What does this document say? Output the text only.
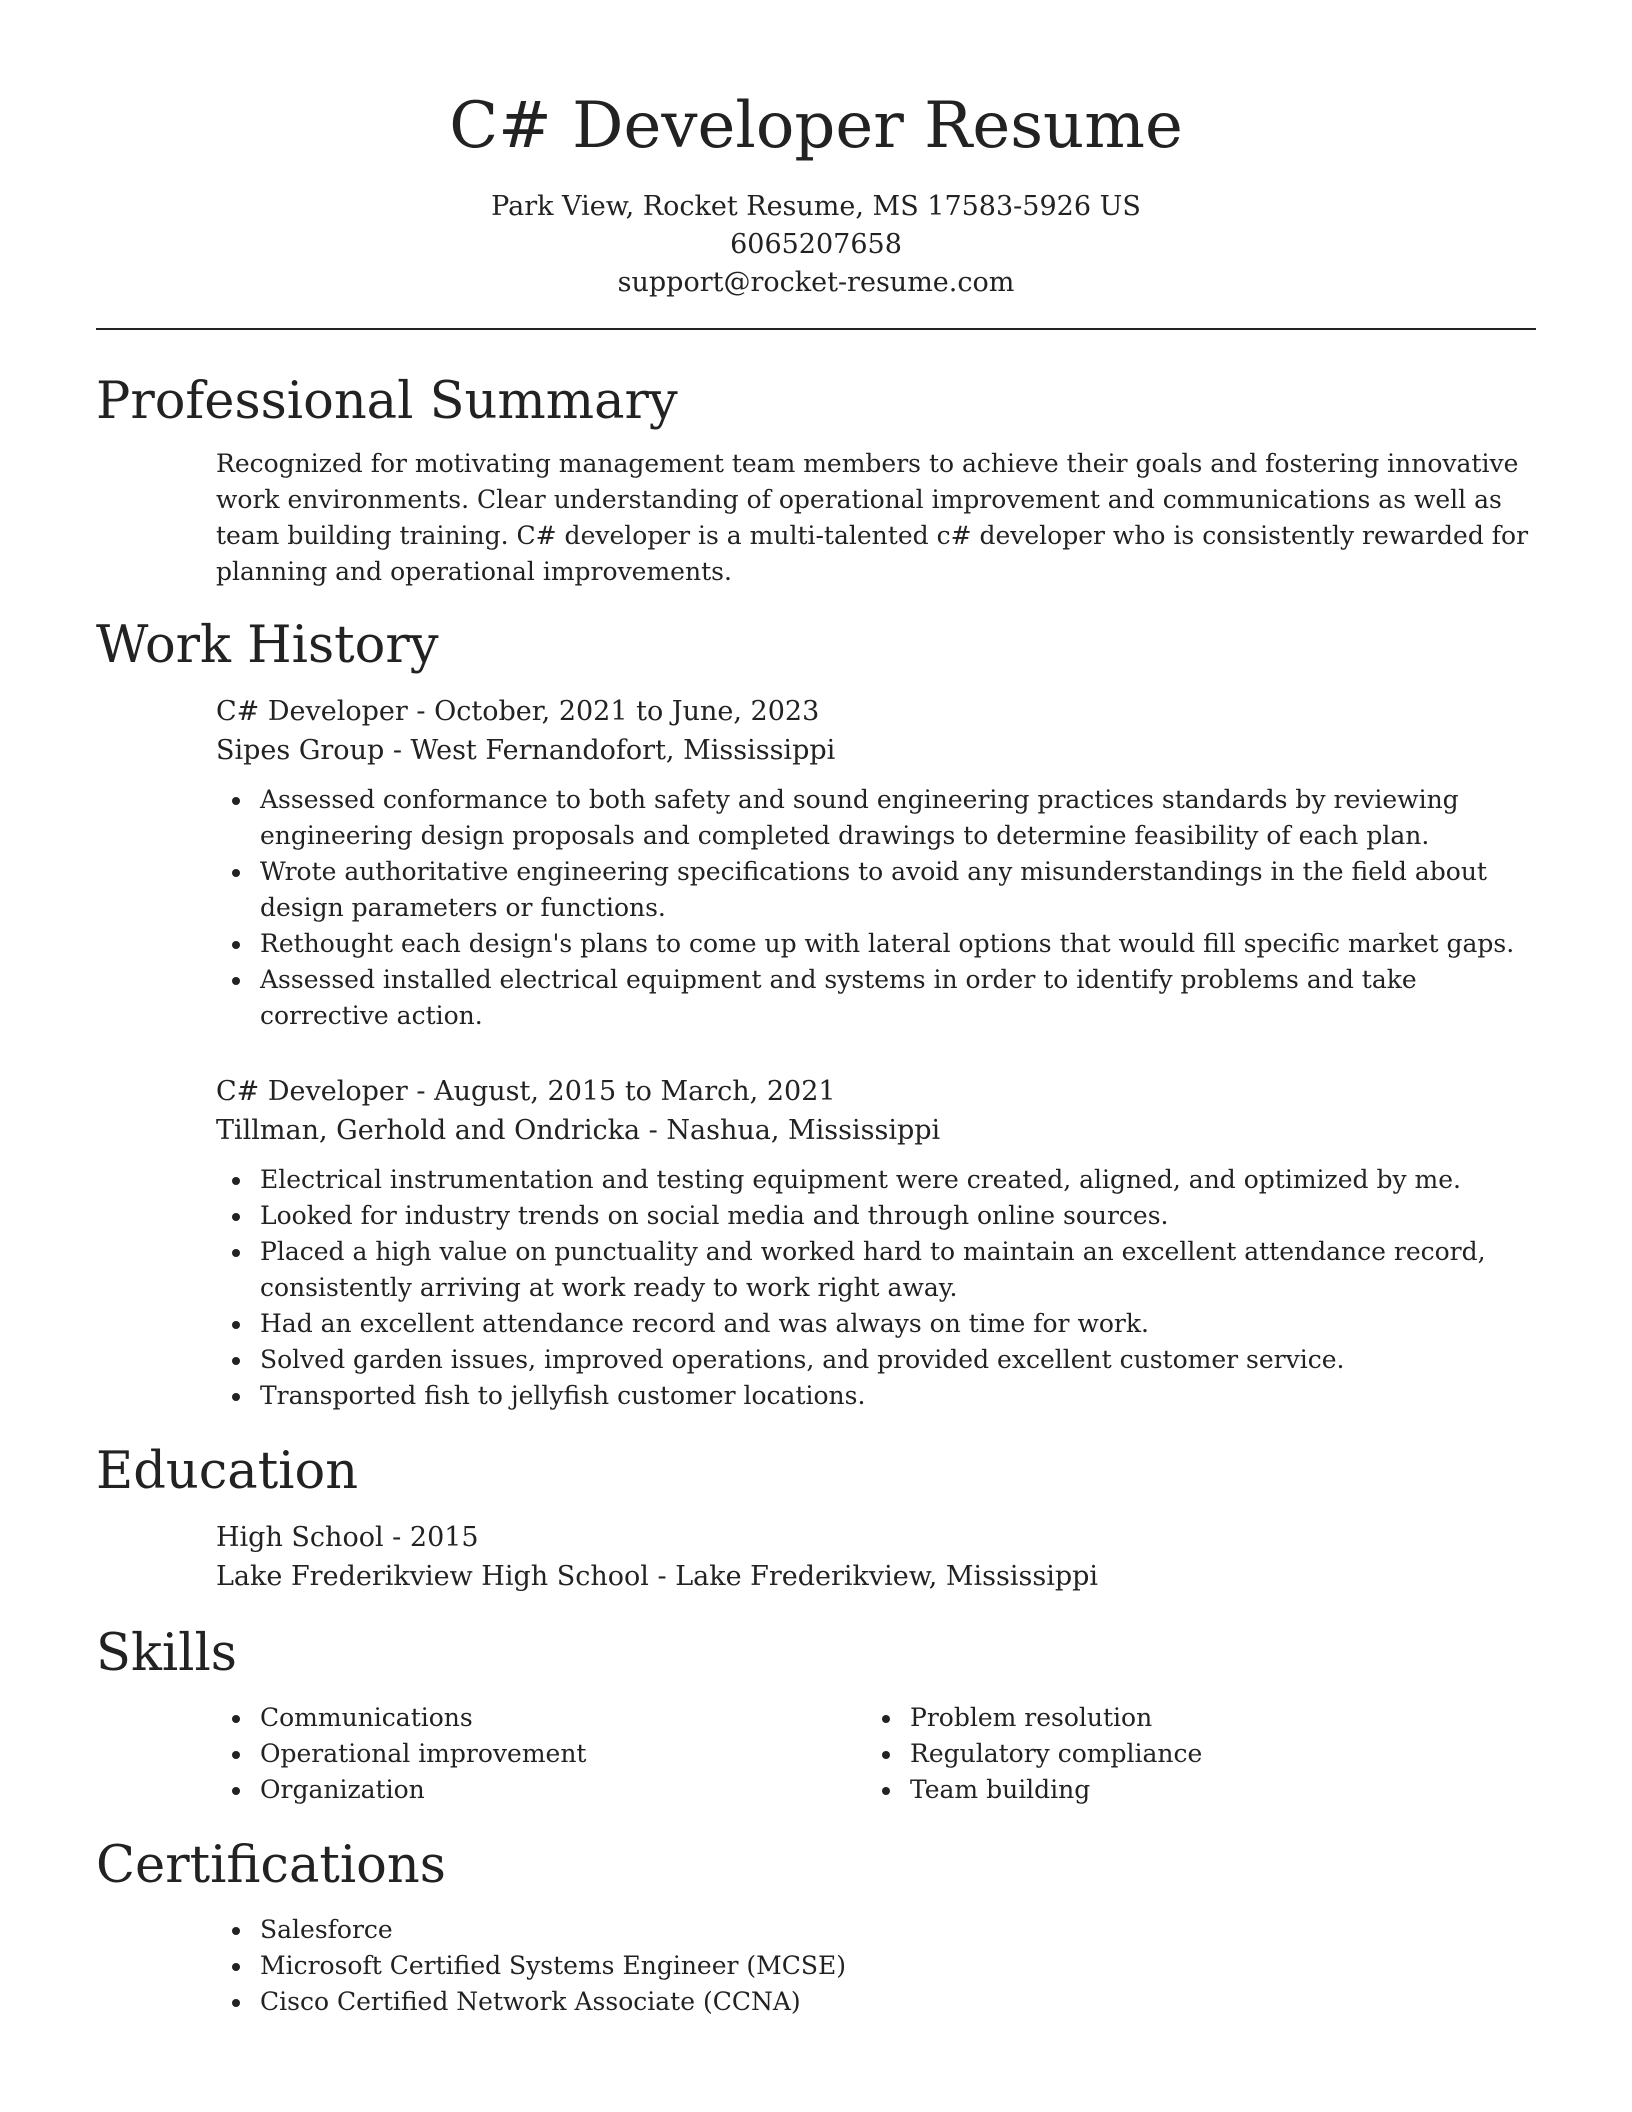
C# Developer Resume
Park View, Rocket Resume, MS 17583-5926 US
6065207658
support@rocket-resume.com
Professional Summary
Recognized for motivating management team members to achieve their goals and fostering innovative work environments. Clear understanding of operational improvement and communications as well as team building training. C# developer is a multi-talented c# developer who is consistently rewarded for planning and operational improvements.
Work History
C# Developer - October, 2021 to June, 2023
Sipes Group - West Fernandofort, Mississippi
Assessed conformance to both safety and sound engineering practices standards by reviewing engineering design proposals and completed drawings to determine feasibility of each plan.
Wrote authoritative engineering specifications to avoid any misunderstandings in the field about design parameters or functions.
Rethought each design's plans to come up with lateral options that would fill specific market gaps.
Assessed installed electrical equipment and systems in order to identify problems and take corrective action.
C# Developer - August, 2015 to March, 2021
Tillman, Gerhold and Ondricka - Nashua, Mississippi
Electrical instrumentation and testing equipment were created, aligned, and optimized by me.
Looked for industry trends on social media and through online sources.
Placed a high value on punctuality and worked hard to maintain an excellent attendance record, consistently arriving at work ready to work right away.
Had an excellent attendance record and was always on time for work.
Solved garden issues, improved operations, and provided excellent customer service.
Transported fish to jellyfish customer locations.
Education
High School - 2015
Lake Frederikview High School - Lake Frederikview, Mississippi
Skills
Communications
Operational improvement
Organization
Problem resolution
Regulatory compliance
Team building
Certifications
Salesforce
Microsoft Certified Systems Engineer (MCSE)
Cisco Certified Network Associate (CCNA)
